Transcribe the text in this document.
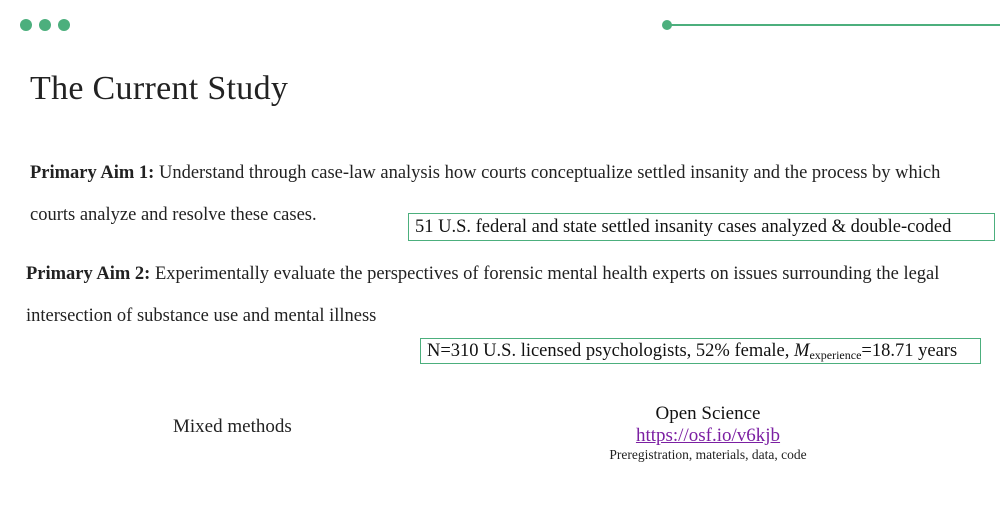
The Current Study
Primary Aim 1: Understand through case-law analysis how courts conceptualize settled insanity and the process by which courts analyze and resolve these cases.
51 U.S. federal and state settled insanity cases analyzed & double-coded
Primary Aim 2: Experimentally evaluate the perspectives of forensic mental health experts on issues surrounding the legal intersection of substance use and mental illness
N=310 U.S. licensed psychologists, 52% female, $M_{experience}=18.71$ years
Mixed methods
Open Science
https://osf.io/v6kjb
Preregistration, materials, data, code
